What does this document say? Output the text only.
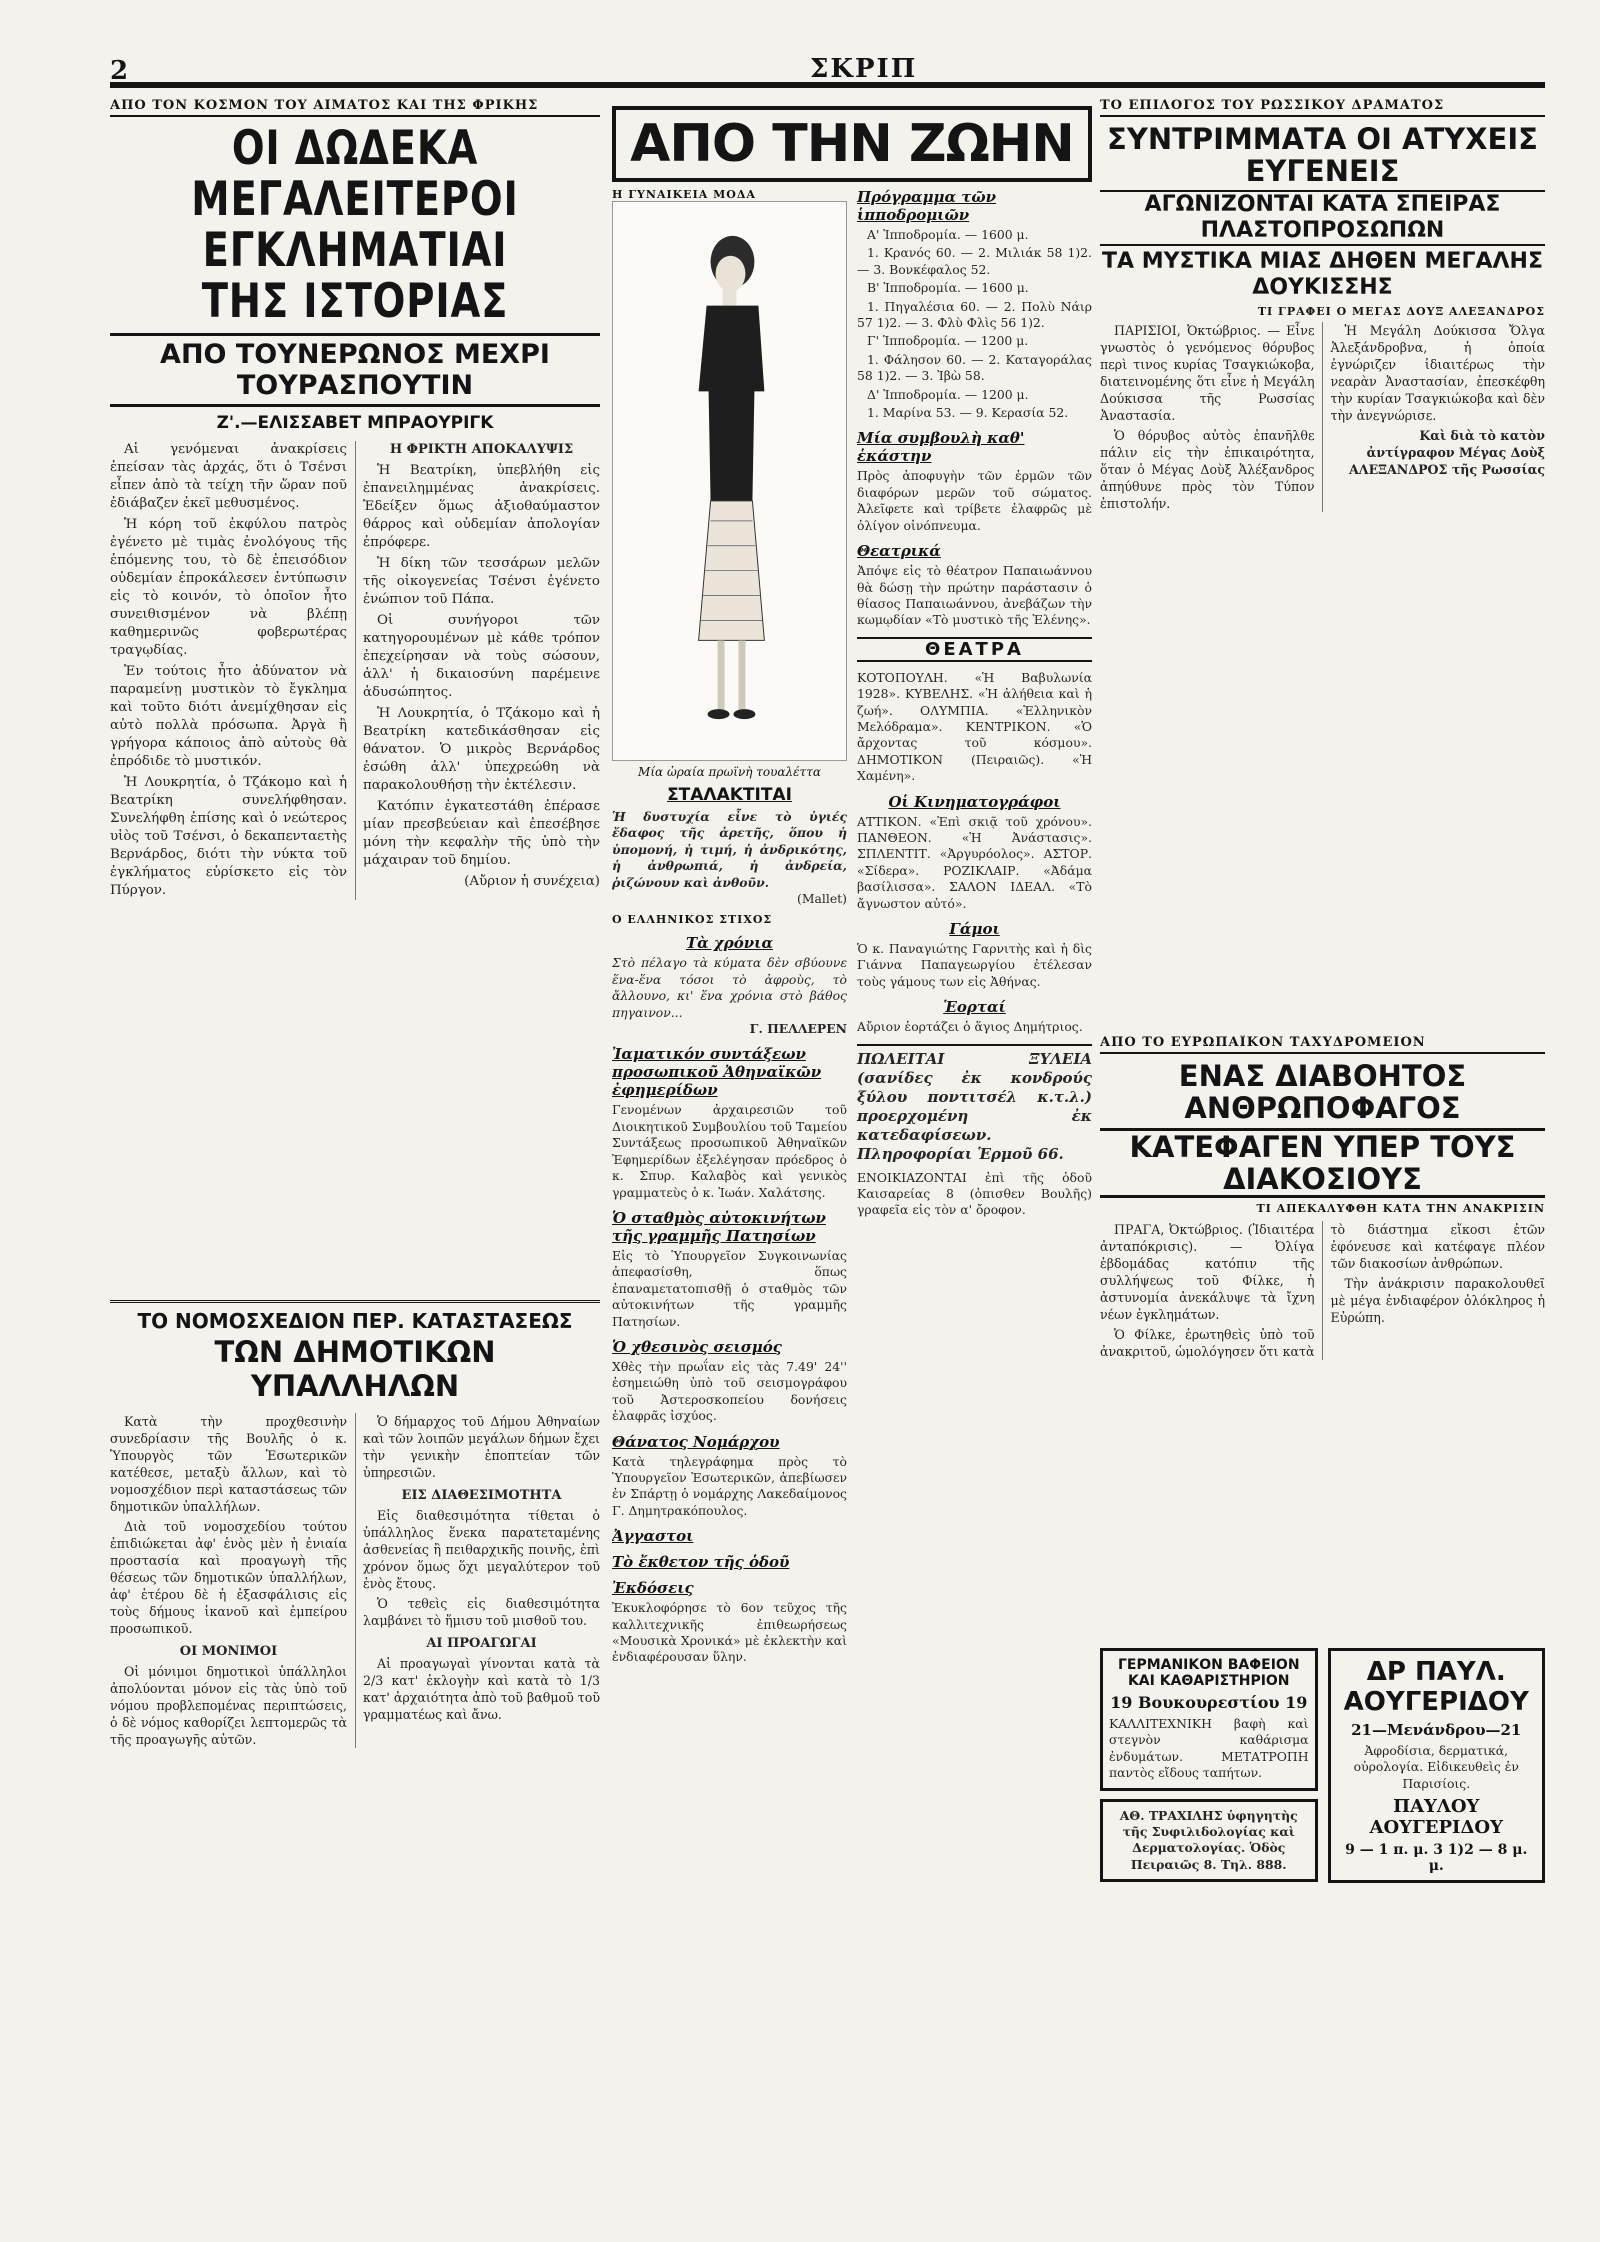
2	ΣΚΡΙΠ
ΑΠΟ ΤΟΝ ΚΟΣΜΟΝ ΤΟΥ ΑΙΜΑΤΟΣ ΚΑΙ ΤΗΣ ΦΡΙΚΗΣ
ΟΙ ΔΩΔΕΚΑ ΜΕΓΑΛΕΙΤΕΡΟΙ ΕΓΚΛΗΜΑΤΙΑΙ ΤΗΣ ΙΣΤΟΡΙΑΣ
ΑΠΟ ΤΟΥΝΕΡΩΝΟΣ ΜΕΧΡΙ ΤΟΥΡΑΣΠΟΥΤΙΝ
Ζ'.—ΕΛΙΣΣΑΒΕΤ ΜΠΡΑΟΥΡΙΓΚ

Αἱ γενόμεναι ἀνακρίσεις ἐπείσαν τὰς ἀρχάς, ὅτι ὁ Τσένσι εἶπεν ἀπὸ τὰ τείχη τῆν ὥραν ποῦ ἐδιάβαζεν ἐκεῖ μεθυσμένος.

Ἡ κόρη τοῦ ἐκφύλου πατρὸς ἐγένετο μὲ τιμὰς ἐνολόγους τῆς ἐπόμενης του, τὸ δὲ ἐπεισόδιον οὐδεμίαν ἐπροκάλεσεν ἐντύπωσιν εἰς τὸ κοινόν, τὸ ὁποῖον ἦτο συνειθισμένον νὰ βλέπῃ καθημερινῶς φοβερωτέρας τραγῳδίας.

Ἐν τούτοις ἦτο ἀδύνατον νὰ παραμείνῃ μυστικὸν τὸ ἔγκλημα καὶ τοῦτο διότι ἀνεμίχθησαν εἰς αὐτὸ πολλὰ πρόσωπα. Ἀργὰ ἢ γρήγορα κάποιος ἀπὸ αὐτοὺς θὰ ἐπρόδιδε τὸ μυστικόν.

Ἡ Λουκρητία, ὁ Τζάκομο καὶ ἡ Βεατρίκη συνελήφθησαν. Συνελήφθη ἐπίσης καὶ ὁ νεώτερος υἱὸς τοῦ Τσένσι, ὁ δεκαπενταετὴς Βερνάρδος, διότι τὴν νύκτα τοῦ ἐγκλήματος εὑρίσκετο εἰς τὸν Πύργον.

Η ΦΡΙΚΤΗ ΑΠΟΚΑΛΥΨΙΣ

Ἡ Βεατρίκη, ὑπεβλήθη εἰς ἐπανειλημμένας ἀνακρίσεις. Ἐδείξεν ὅμως ἀξιοθαύμαστον θάρρος καὶ οὐδεμίαν ἀπολογίαν ἐπρόφερε.

Ἡ δίκη τῶν τεσσάρων μελῶν τῆς οἰκογενείας Τσένσι ἐγένετο ἐνώπιον τοῦ Πάπα.

Οἱ συνήγοροι τῶν κατηγορουμένων μὲ κάθε τρόπον ἐπεχείρησαν νὰ τοὺς σώσουν, ἀλλ' ἡ δικαιοσύνη παρέμεινε ἀδυσώπητος.

Ἡ Λουκρητία, ὁ Τζάκομο καὶ ἡ Βεατρίκη κατεδικάσθησαν εἰς θάνατον. Ὁ μικρὸς Βερνάρδος ἐσώθη ἀλλ' ὑπεχρεώθη νὰ παρακολουθήσῃ τὴν ἐκτέλεσιν.

Κατόπιν ἐγκατεστάθη ἐπέρασε μίαν πρεσβεύειαν καὶ ἐπεσέβησε μόνη τὴν κεφαλὴν τῆς ὑπὸ τὴν μάχαιραν τοῦ δημίου.

(Αὔριον ἡ συνέχεια)

ΤΟ ΝΟΜΟΣΧΕΔΙΟΝ ΠΕΡ. ΚΑΤΑΣΤΑΣΕΩΣ
ΤΩΝ ΔΗΜΟΤΙΚΩΝ ΥΠΑΛΛΗΛΩΝ

Κατὰ τὴν προχθεσινὴν συνεδρίασιν τῆς Βουλῆς ὁ κ. Ὑπουργὸς τῶν Ἐσωτερικῶν κατέθεσε, μεταξὺ ἄλλων, καὶ τὸ νομοσχέδιον περὶ καταστάσεως τῶν δημοτικῶν ὑπαλλήλων.

Διὰ τοῦ νομοσχεδίου τούτου ἐπιδιώκεται ἀφ' ἑνὸς μὲν ἡ ἐνιαία προστασία καὶ προαγωγὴ τῆς θέσεως τῶν δημοτικῶν ὑπαλλήλων, ἀφ' ἑτέρου δὲ ἡ ἐξασφάλισις εἰς τοὺς δήμους ἱκανοῦ καὶ ἐμπείρου προσωπικοῦ.

ΟΙ ΜΟΝΙΜΟΙ

Οἱ μόνιμοι δημοτικοὶ ὑπάλληλοι ἀπολύονται μόνον εἰς τὰς ὑπὸ τοῦ νόμου προβλεπομένας περιπτώσεις, ὁ δὲ νόμος καθορίζει λεπτομερῶς τὰ τῆς προαγωγῆς αὐτῶν.

Ὁ δήμαρχος τοῦ Δήμου Ἀθηναίων καὶ τῶν λοιπῶν μεγάλων δήμων ἔχει τὴν γενικὴν ἐποπτείαν τῶν ὑπηρεσιῶν.

ΕΙΣ ΔΙΑΘΕΣΙΜΟΤΗΤΑ

Εἰς διαθεσιμότητα τίθεται ὁ ὑπάλληλος ἕνεκα παρατεταμένης ἀσθενείας ἢ πειθαρχικῆς ποινῆς, ἐπὶ χρόνον ὅμως ὅχι μεγαλύτερον τοῦ ἑνὸς ἔτους.

Ὁ τεθεὶς εἰς διαθεσιμότητα λαμβάνει τὸ ἥμισυ τοῦ μισθοῦ του.

ΑΙ ΠΡΟΑΓΩΓΑΙ

Αἱ προαγωγαὶ γίνονται κατὰ τὰ 2/3 κατ' ἐκλογὴν καὶ κατὰ τὸ 1/3 κατ' ἀρχαιότητα ἀπὸ τοῦ βαθμοῦ τοῦ γραμματέως καὶ ἄνω.

ΑΠΟ ΤΗΝ ΖΩΗΝ
Η ΓΥΝΑΙΚΕΙΑ ΜΟΔΑ
Μία ὡραία πρωϊνὴ τουαλέττα
ΣΤΑΛΑΚΤΙΤΑΙ
Ἡ δυστυχία εἶνε τὸ ὑγιές ἔδαφος τῆς ἀρετῆς, ὅπου ἡ ὑπομονή, ἡ τιμή, ἡ ἀνδρικότης, ἡ ἀνθρωπιά, ἡ ἀνδρεία, ῥιζώνουν καὶ ἀνθοῦν.
(Mallet)
Ο ΕΛΛΗΝΙΚΟΣ ΣΤΙΧΟΣ
Τὰ χρόνια
Στὸ πέλαγο τὰ κύματα δὲν σβύουνε ἕνα-ἕνα τόσοι τὸ ἀφροὺς, τὸ ἄλλουνο, κι' ἕνα χρόνια στὸ βάθος πηγαινον...
Γ. ΠΕΛΛΕΡΕΝ
Ἰαματικόν συντάξεων προσωπικοῦ Ἀθηναϊκῶν ἐφημερίδων
Γενομένων ἀρχαιρεσιῶν τοῦ Διοικητικοῦ Συμβουλίου τοῦ Ταμείου Συντάξεως προσωπικοῦ Ἀθηναϊκῶν Ἐφημερίδων ἐξελέγησαν πρόεδρος ὁ κ. Σπυρ. Καλαβὸς καὶ γενικὸς γραμματεὺς ὁ κ. Ἰωάν. Χαλάτσης.
Ὁ σταθμὸς αὐτοκινήτων τῆς γραμμῆς Πατησίων
Εἰς τὸ Ὑπουργεῖον Συγκοινωνίας ἀπεφασίσθη, ὅπως ἐπαναμετατοπισθῇ ὁ σταθμὸς τῶν αὐτοκινήτων τῆς γραμμῆς Πατησίων.
Ὁ χθεσινὸς σεισμός
Χθὲς τὴν πρωΐαν εἰς τὰς 7.49' 24'' ἐσημειώθη ὑπὸ τοῦ σεισμογράφου τοῦ Ἀστεροσκοπείου δονήσεις ἐλαφρᾶς ἰσχύος.
Θάνατος Νομάρχου
Κατὰ τηλεγράφημα πρὸς τὸ Ὑπουργεῖον Ἐσωτερικῶν, ἀπεβίωσεν ἐν Σπάρτῃ ὁ νομάρχης Λακεδαίμονος Γ. Δημητρακόπουλος.
Ἀγγαστοι
Τὸ ἔκθετον τῆς ὁδοῦ
Ἐκδόσεις
Ἐκυκλοφόρησε τὸ 6ον τεῦχος τῆς καλλιτεχνικῆς ἐπιθεωρήσεως «Μουσικὰ Χρονικά» μὲ ἐκλεκτὴν καὶ ἐνδιαφέρουσαν ὕλην.
Πρόγραμμα τῶν ἱπποδρομιῶν

Α' Ἱπποδρομία. — 1600 μ.

1. Κρανός 60. — 2. Μιλιάκ 58 1)2. — 3. Βονκέφαλος 52.

Β' Ἱπποδρομία. — 1600 μ.

1. Πηγαλέσια 60. — 2. Πολὺ Νάιρ 57 1)2. — 3. Φλὺ Φλὶς 56 1)2.

Γ' Ἱπποδρομία. — 1200 μ.

1. Φάλησον 60. — 2. Καταγοράλας 58 1)2. — 3. Ἰβὼ 58.

Δ' Ἱπποδρομία. — 1200 μ.

1. Μαρίνα 53. — 9. Κερασία 52.

Μία συμβουλὴ καθ' ἑκάστην
Πρὸς ἀποφυγὴν τῶν ἐρμῶν τῶν διαφόρων μερῶν τοῦ σώματος. Ἀλεῖφετε καὶ τρίβετε ἐλαφρῶς μὲ ὀλίγον οἰνόπνευμα.
Θεατρικά
Ἀπόψε εἰς τὸ θέατρον Παπαιωάννου θὰ δώσῃ τὴν πρώτην παράστασιν ὁ θίασος Παπαιωάννου, ἀνεβάζων τὴν κωμῳδίαν «Τὸ μυστικὸ τῆς Ἑλένης».
ΘΕΑΤΡΑ
ΚΟΤΟΠΟΥΛΗ. «Ἡ Βαβυλωνία 1928». ΚΥΒΕΛΗΣ. «Ἡ ἀλήθεια καὶ ἡ ζωή». ΟΛΥΜΠΙΑ. «Ἑλληνικὸν Μελόδραμα». ΚΕΝΤΡΙΚΟΝ. «Ὁ ἄρχοντας τοῦ κόσμου». ΔΗΜΟΤΙΚΟΝ (Πειραιῶς). «Ἡ Χαμένη».
Οἱ Κινηματογράφοι
ΑΤΤΙΚΟΝ. «Ἐπὶ σκιᾷ τοῦ χρόνου». ΠΑΝΘΕΟΝ. «Ἡ Ἀνάστασις». ΣΠΛΕΝΤΙΤ. «Ἀργυρόολος». ΑΣΤΟΡ. «Σίδερα». ΡΟΖΙΚΛΑΙΡ. «Ἀδάμα βασίλισσα». ΣΑΛΟΝ ΙΔΕΑΛ. «Τὸ ἄγνωστον αὐτό».
Γάμοι
Ὁ κ. Παναγιώτης Γαρνιτὴς καὶ ἡ δὶς Γιάννα Παπαγεωργίου ἐτέλεσαν τοὺς γάμους των εἰς Ἀθήνας.
Ἑορταί
Αὔριον ἑορτάζει ὁ ἅγιος Δημήτριος.
ΠΩΛΕΙΤΑΙ ΞΥΛΕΙΑ (σανίδες ἐκ κονδρούς ξύλου ποντιτσέλ κ.τ.λ.) προερχομένη ἐκ κατεδαφίσεων. Πληροφορίαι Ἑρμοῦ 66.
ΕΝΟΙΚΙΑΖΟΝΤΑΙ ἐπὶ τῆς ὁδοῦ Καισαρείας 8 (ὀπισθεν Βουλῆς) γραφεῖα εἰς τὸν α' ὄροφον.
ΤΟ ΕΠΙΛΟΓΟΣ ΤΟΥ ΡΩΣΣΙΚΟΥ ΔΡΑΜΑΤΟΣ
ΣΥΝΤΡΙΜΜΑΤΑ ΟΙ ΑΤΥΧΕΙΣ ΕΥΓΕΝΕΙΣ
ΑΓΩΝΙΖΟΝΤΑΙ ΚΑΤΑ ΣΠΕΙΡΑΣ ΠΛΑΣΤΟΠΡΟΣΩΠΩΝ
ΤΑ ΜΥΣΤΙΚΑ ΜΙΑΣ ΔΗΘΕΝ ΜΕΓΑΛΗΣ ΔΟΥΚΙΣΣΗΣ
ΤΙ ΓΡΑΦΕΙ Ο ΜΕΓΑΣ ΔΟΥΞ ΑΛΕΞΑΝΔΡΟΣ

ΠΑΡΙΣΙΟΙ, Ὀκτώβριος. — Εἶνε γνωστὸς ὁ γενόμενος θόρυβος περὶ τινος κυρίας Τσαγκιώκοβα, διατεινομένης ὅτι εἶνε ἡ Μεγάλη Δούκισσα τῆς Ρωσσίας Ἀναστασία.

Ὁ θόρυβος αὐτὸς ἐπανῆλθε πάλιν εἰς τὴν ἐπικαιρότητα, ὅταν ὁ Μέγας Δοὺξ Ἀλέξανδρος ἀπηύθυνε πρὸς τὸν Τύπον ἐπιστολήν.

Ἡ Μεγάλη Δούκισσα Ὄλγα Ἀλεξάνδροβνα, ἡ ὁποία ἐγνώριζεν ἰδιαιτέρως τὴν νεαρὰν Ἀναστασίαν, ἐπεσκέφθη τὴν κυρίαν Τσαγκιώκοβα καὶ δὲν τὴν ἀνεγνώρισε.

Καὶ διὰ τὸ κατὸν ἀντίγραφον Μέγας Δοὺξ ΑΛΕΞΑΝΔΡΟΣ τῆς Ρωσσίας

ΑΠΟ ΤΟ ΕΥΡΩΠΑΪΚΟΝ ΤΑΧΥΔΡΟΜΕΙΟΝ
ΕΝΑΣ ΔΙΑΒΟΗΤΟΣ ΑΝΘΡΩΠΟΦΑΓΟΣ
ΚΑΤΕΦΑΓΕΝ ΥΠΕΡ ΤΟΥΣ ΔΙΑΚΟΣΙΟΥΣ
ΤΙ ΑΠΕΚΑΛΥΦΘΗ ΚΑΤΑ ΤΗΝ ΑΝΑΚΡΙΣΙΝ

ΠΡΑΓΑ, Ὀκτώβριος. (Ἰδιαιτέρα ἀνταπόκρισις). — Ὀλίγα ἐβδομάδας κατόπιν τῆς συλλήψεως τοῦ Φίλκε, ἡ ἀστυνομία ἀνεκάλυψε τὰ ἴχνη νέων ἐγκλημάτων.

Ὁ Φίλκε, ἐρωτηθεὶς ὑπὸ τοῦ ἀνακριτοῦ, ὡμολόγησεν ὅτι κατὰ τὸ διάστημα εἴκοσι ἐτῶν ἐφόνευσε καὶ κατέφαγε πλέον τῶν διακοσίων ἀνθρώπων.

Τὴν ἀνάκρισιν παρακολουθεῖ μὲ μέγα ἐνδιαφέρον ὁλόκληρος ἡ Εὐρώπη.

ΓΕΡΜΑΝΙΚΟΝ ΒΑΦΕΙΟΝ ΚΑΙ ΚΑΘΑΡΙΣΤΗΡΙΟΝ
19 Βουκουρεστίου 19
ΚΑΛΛΙΤΕΧΝΙΚΗ βαφὴ καὶ στεγνὸν καθάρισμα ἐνδυμάτων. ΜΕΤΑΤΡΟΠΗ παντὸς εἴδους ταπήτων.
ΑΘ. ΤΡΑΧΙΛΗΣ ὑφηγητὴς τῆς Συφιλιδολογίας καὶ Δερματολογίας. Ὁδὸς Πειραιῶς 8. Τηλ. 888.
ΔΡ ΠΑΥΛ. ΑΟΥΓΕΡΙΔΟΥ
21—Μενάνδρου—21
Ἀφροδίσια, δερματικά, οὐρολογία. Εἰδικευθεὶς ἐν Παρισίοις.
ΠΑΥΛΟΥ ΑΟΥΓΕΡΙΔΟΥ
9 — 1 π. μ. 3 1)2 — 8 μ. μ.
